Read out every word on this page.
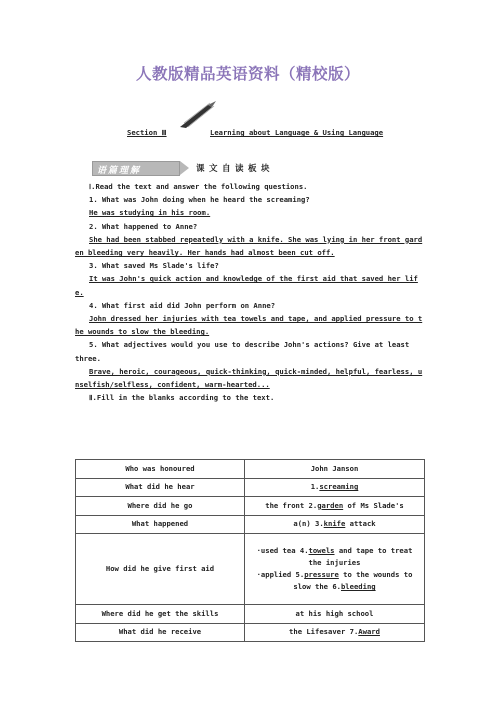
人教版精品英语资料（精校版）
Section Ⅲ	Learning about Language & Using Language
语篇理解	课文自读板块

Ⅰ.Read the text and answer the following questions.

1. What was John doing when he heard the screaming?

He was studying in his room.

2. What happened to Anne?

She had been stabbed repeatedly with a knife. She was lying in her front garden bleeding very heavily. Her hands had almost been cut off.

3. What saved Ms Slade's life?

It was John's quick action and knowledge of the first aid that saved her life.

4. What first aid did John perform on Anne?

John dressed her injuries with tea towels and tape, and applied pressure to the wounds to slow the bleeding.

5. What adjectives would you use to describe John's actions? Give at least three.

Brave, heroic, courageous, quick-thinking, quick-minded, helpful, fearless, unselfish/selfless, confident, warm-hearted...

Ⅱ.Fill in the blanks according to the text.

Who was honoured	John Janson
What did he hear	1.screaming
Where did he go	the front 2.garden of Ms Slade's
What happened	a(n) 3.knife attack
How did he give first aid	·used tea 4.towels and tape to treat the injuries
·applied 5.pressure to the wounds to slow the 6.bleeding

Where did he get the skills	at his high school
What did he receive	the Lifesaver 7.Award
